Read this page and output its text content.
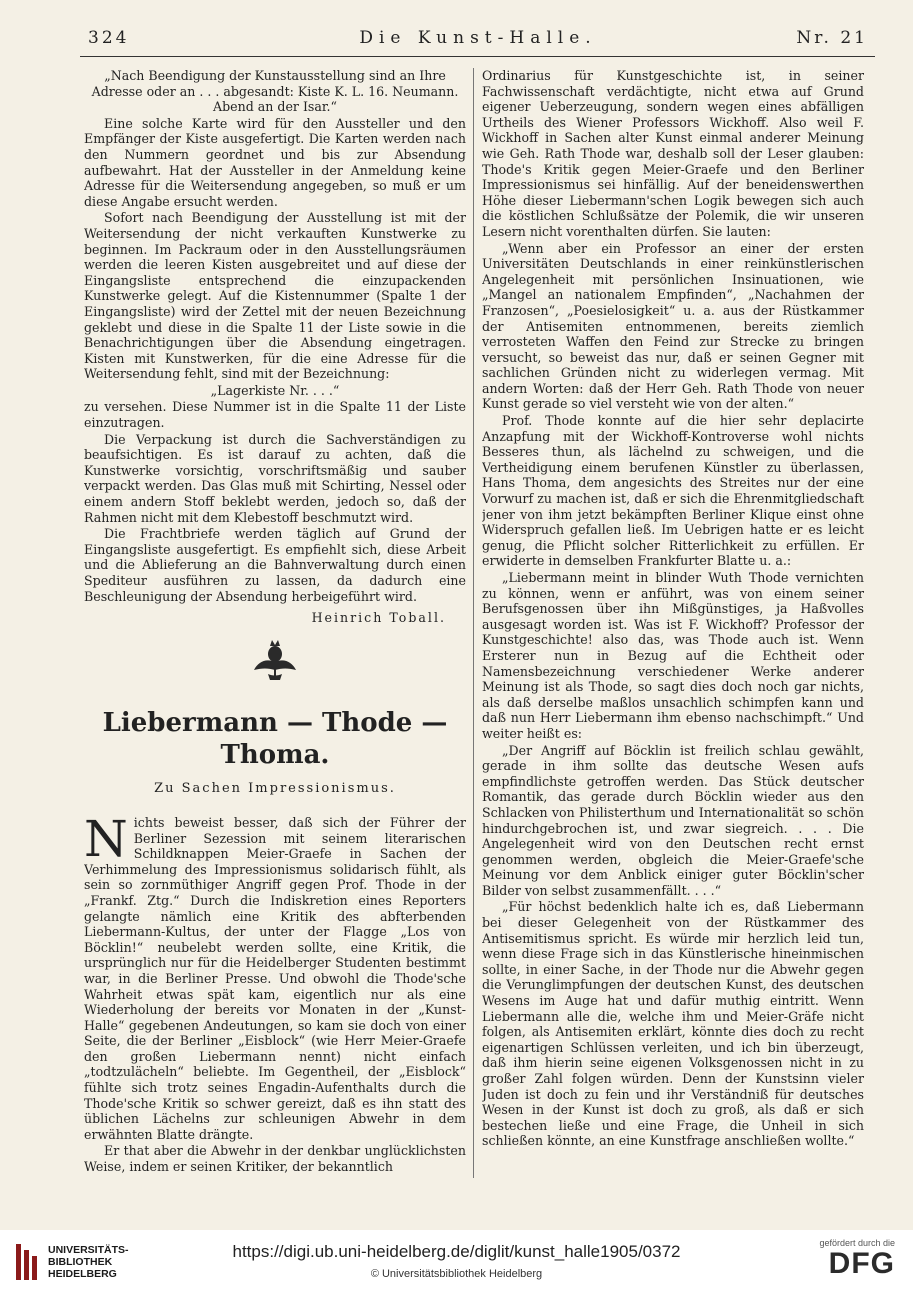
324	Die Kunst-Halle.	Nr. 21

„Nach Beendigung der Kunstausstellung sind an Ihre Adresse oder an . . . abgesandt: Kiste K. L. 16. Neumann. Abend an der Isar.“

Eine solche Karte wird für den Aussteller und den Empfänger der Kiste ausgefertigt. Die Karten werden nach den Nummern geordnet und bis zur Absendung aufbewahrt. Hat der Aussteller in der Anmeldung keine Adresse für die Weitersendung angegeben, so muß er um diese Angabe ersucht werden.

Sofort nach Beendigung der Ausstellung ist mit der Weitersendung der nicht verkauften Kunstwerke zu beginnen. Im Packraum oder in den Ausstellungsräumen werden die leeren Kisten ausgebreitet und auf diese der Eingangsliste entsprechend die einzupackenden Kunstwerke gelegt. Auf die Kistennummer (Spalte 1 der Eingangsliste) wird der Zettel mit der neuen Bezeichnung geklebt und diese in die Spalte 11 der Liste sowie in die Benachrichtigungen über die Absendung eingetragen. Kisten mit Kunstwerken, für die eine Adresse für die Weitersendung fehlt, sind mit der Bezeichnung:

„Lagerkiste Nr. . . .“

zu versehen. Diese Nummer ist in die Spalte 11 der Liste einzutragen.

Die Verpackung ist durch die Sachverständigen zu beaufsichtigen. Es ist darauf zu achten, daß die Kunstwerke vorsichtig, vorschriftsmäßig und sauber verpackt werden. Das Glas muß mit Schirting, Nessel oder einem andern Stoff beklebt werden, jedoch so, daß der Rahmen nicht mit dem Klebestoff beschmutzt wird.

Die Frachtbriefe werden täglich auf Grund der Eingangsliste ausgefertigt. Es empfiehlt sich, diese Arbeit und die Ablieferung an die Bahnverwaltung durch einen Spediteur ausführen zu lassen, da dadurch eine Beschleunigung der Absendung herbeigeführt wird.

Heinrich Toball.

Liebermann — Thode — Thoma.
Zu Sachen Impressionismus.

Nichts beweist besser, daß sich der Führer der Berliner Sezession mit seinem literarischen Schildknappen Meier-Graefe in Sachen der Verhimmelung des Impressionismus solidarisch fühlt, als sein so zornmüthiger Angriff gegen Prof. Thode in der „Frankf. Ztg.“ Durch die Indiskretion eines Reporters gelangte nämlich eine Kritik des abfterbenden Liebermann-Kultus, der unter der Flagge „Los von Böcklin!“ neubelebt werden sollte, eine Kritik, die ursprünglich nur für die Heidelberger Studenten bestimmt war, in die Berliner Presse. Und obwohl die Thode'sche Wahrheit etwas spät kam, eigentlich nur als eine Wiederholung der bereits vor Monaten in der „Kunst-Halle“ gegebenen Andeutungen, so kam sie doch von einer Seite, die der Berliner „Eisblock“ (wie Herr Meier-Graefe den großen Liebermann nennt) nicht einfach „todtzulächeln“ beliebte. Im Gegentheil, der „Eisblock“ fühlte sich trotz seines Engadin-Aufenthalts durch die Thode'sche Kritik so schwer gereizt, daß es ihn statt des üblichen Lächelns zur schleunigen Abwehr in dem erwähnten Blatte drängte.

Er that aber die Abwehr in der denkbar unglücklichsten Weise, indem er seinen Kritiker, der bekanntlich

Ordinarius für Kunstgeschichte ist, in seiner Fachwissenschaft verdächtigte, nicht etwa auf Grund eigener Ueberzeugung, sondern wegen eines abfälligen Urtheils des Wiener Professors Wickhoff. Also weil F. Wickhoff in Sachen alter Kunst einmal anderer Meinung wie Geh. Rath Thode war, deshalb soll der Leser glauben: Thode's Kritik gegen Meier-Graefe und den Berliner Impressionismus sei hinfällig. Auf der beneidenswerthen Höhe dieser Liebermann'schen Logik bewegen sich auch die köstlichen Schlußsätze der Polemik, die wir unseren Lesern nicht vorenthalten dürfen. Sie lauten:

„Wenn aber ein Professor an einer der ersten Universitäten Deutschlands in einer reinkünstlerischen Angelegenheit mit persönlichen Insinuationen, wie „Mangel an nationalem Empfinden“, „Nachahmen der Franzosen“, „Poesielosigkeit“ u. a. aus der Rüstkammer der Antisemiten entnommenen, bereits ziemlich verrosteten Waffen den Feind zur Strecke zu bringen versucht, so beweist das nur, daß er seinen Gegner mit sachlichen Gründen nicht zu widerlegen vermag. Mit andern Worten: daß der Herr Geh. Rath Thode von neuer Kunst gerade so viel versteht wie von der alten.“

Prof. Thode konnte auf die hier sehr deplacirte Anzapfung mit der Wickhoff-Kontroverse wohl nichts Besseres thun, als lächelnd zu schweigen, und die Vertheidigung einem berufenen Künstler zu überlassen, Hans Thoma, dem angesichts des Streites nur der eine Vorwurf zu machen ist, daß er sich die Ehrenmitgliedschaft jener von ihm jetzt bekämpften Berliner Klique einst ohne Widerspruch gefallen ließ. Im Uebrigen hatte er es leicht genug, die Pflicht solcher Ritterlichkeit zu erfüllen. Er erwiderte in demselben Frankfurter Blatte u. a.:

„Liebermann meint in blinder Wuth Thode vernichten zu können, wenn er anführt, was von einem seiner Berufsgenossen über ihn Mißgünstiges, ja Haßvolles ausgesagt worden ist. Was ist F. Wickhoff? Professor der Kunstgeschichte! also das, was Thode auch ist. Wenn Ersterer nun in Bezug auf die Echtheit oder Namensbezeichnung verschiedener Werke anderer Meinung ist als Thode, so sagt dies doch noch gar nichts, als daß derselbe maßlos unsachlich schimpfen kann und daß nun Herr Liebermann ihm ebenso nachschimpft.“ Und weiter heißt es:

„Der Angriff auf Böcklin ist freilich schlau gewählt, gerade in ihm sollte das deutsche Wesen aufs empfindlichste getroffen werden. Das Stück deutscher Romantik, das gerade durch Böcklin wieder aus den Schlacken von Philisterthum und Internationalität so schön hindurchgebrochen ist, und zwar siegreich. . . . Die Angelegenheit wird von den Deutschen recht ernst genommen werden, obgleich die Meier-Graefe'sche Meinung vor dem Anblick einiger guter Böcklin'scher Bilder von selbst zusammenfällt. . . .“

„Für höchst bedenklich halte ich es, daß Liebermann bei dieser Gelegenheit von der Rüstkammer des Antisemitismus spricht. Es würde mir herzlich leid tun, wenn diese Frage sich in das Künstlerische hineinmischen sollte, in einer Sache, in der Thode nur die Abwehr gegen die Verunglimpfungen der deutschen Kunst, des deutschen Wesens im Auge hat und dafür muthig eintritt. Wenn Liebermann alle die, welche ihm und Meier-Gräfe nicht folgen, als Antisemiten erklärt, könnte dies doch zu recht eigenartigen Schlüssen verleiten, und ich bin überzeugt, daß ihm hierin seine eigenen Volksgenossen nicht in zu großer Zahl folgen würden. Denn der Kunstsinn vieler Juden ist doch zu fein und ihr Verständniß für deutsches Wesen in der Kunst ist doch zu groß, als daß er sich bestechen ließe und eine Frage, die Unheil in sich schließen könnte, an eine Kunstfrage anschließen wollte.“

UNIVERSITÄTS-
BIBLIOTHEK
HEIDELBERG
https://digi.ub.uni-heidelberg.de/diglit/kunst_halle1905/0372
© Universitätsbibliothek Heidelberg
gefördert durch die
DFG
